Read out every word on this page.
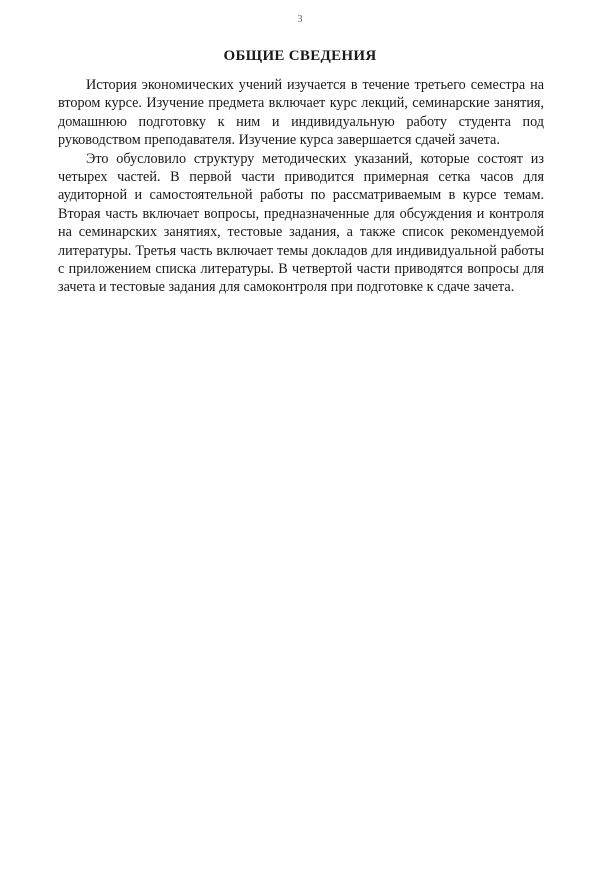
3
ОБЩИЕ СВЕДЕНИЯ

История экономических учений изучается в течение третьего семестра на втором курсе. Изучение предмета включает курс лекций, семинарские занятия, домашнюю подготовку к ним и индивидуальную работу студента под руководством преподавателя. Изучение курса завершается сдачей зачета.

Это обусловило структуру методических указаний, которые состоят из четырех частей. В первой части приводится примерная сетка часов для аудиторной и самостоятельной работы по рассматриваемым в курсе темам. Вторая часть включает вопросы, предназначенные для обсуждения и контроля на семинарских занятиях, тестовые задания, а также список рекомендуемой литературы. Третья часть включает темы докладов для индивидуальной работы с приложением списка литературы. В четвертой части приводятся вопросы для зачета и тестовые задания для самоконтроля при подготовке к сдаче зачета.
